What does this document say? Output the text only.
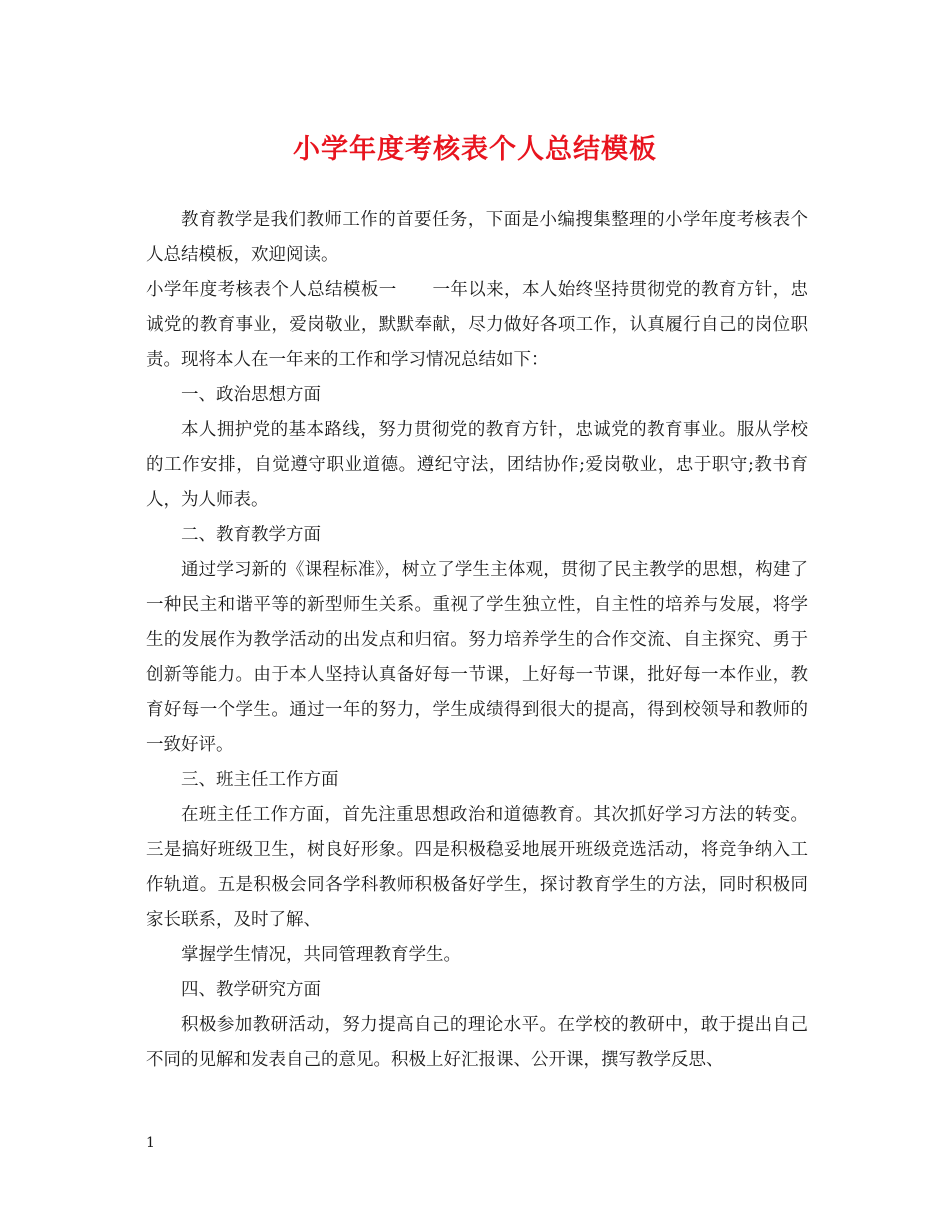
小学年度考核表个人总结模板

教育教学是我们教师工作的首要任务，下面是小编搜集整理的小学年度考核表个人总结模板，欢迎阅读。

小学年度考核表个人总结模板一　　一年以来，本人始终坚持贯彻党的教育方针，忠诚党的教育事业，爱岗敬业，默默奉献，尽力做好各项工作，认真履行自己的岗位职责。现将本人在一年来的工作和学习情况总结如下：

一、政治思想方面

本人拥护党的基本路线，努力贯彻党的教育方针，忠诚党的教育事业。服从学校的工作安排，自觉遵守职业道德。遵纪守法，团结协作;爱岗敬业，忠于职守;教书育人，为人师表。

二、教育教学方面

通过学习新的《课程标准》，树立了学生主体观，贯彻了民主教学的思想，构建了一种民主和谐平等的新型师生关系。重视了学生独立性，自主性的培养与发展，将学生的发展作为教学活动的出发点和归宿。努力培养学生的合作交流、自主探究、勇于创新等能力。由于本人坚持认真备好每一节课，上好每一节课，批好每一本作业，教育好每一个学生。通过一年的努力，学生成绩得到很大的提高，得到校领导和教师的一致好评。

三、班主任工作方面

在班主任工作方面，首先注重思想政治和道德教育。其次抓好学习方法的转变。三是搞好班级卫生，树良好形象。四是积极稳妥地展开班级竞选活动，将竞争纳入工作轨道。五是积极会同各学科教师积极备好学生，探讨教育学生的方法，同时积极同家长联系，及时了解、

掌握学生情况，共同管理教育学生。

四、教学研究方面

积极参加教研活动，努力提高自己的理论水平。在学校的教研中，敢于提出自己不同的见解和发表自己的意见。积极上好汇报课、公开课，撰写教学反思、

1
